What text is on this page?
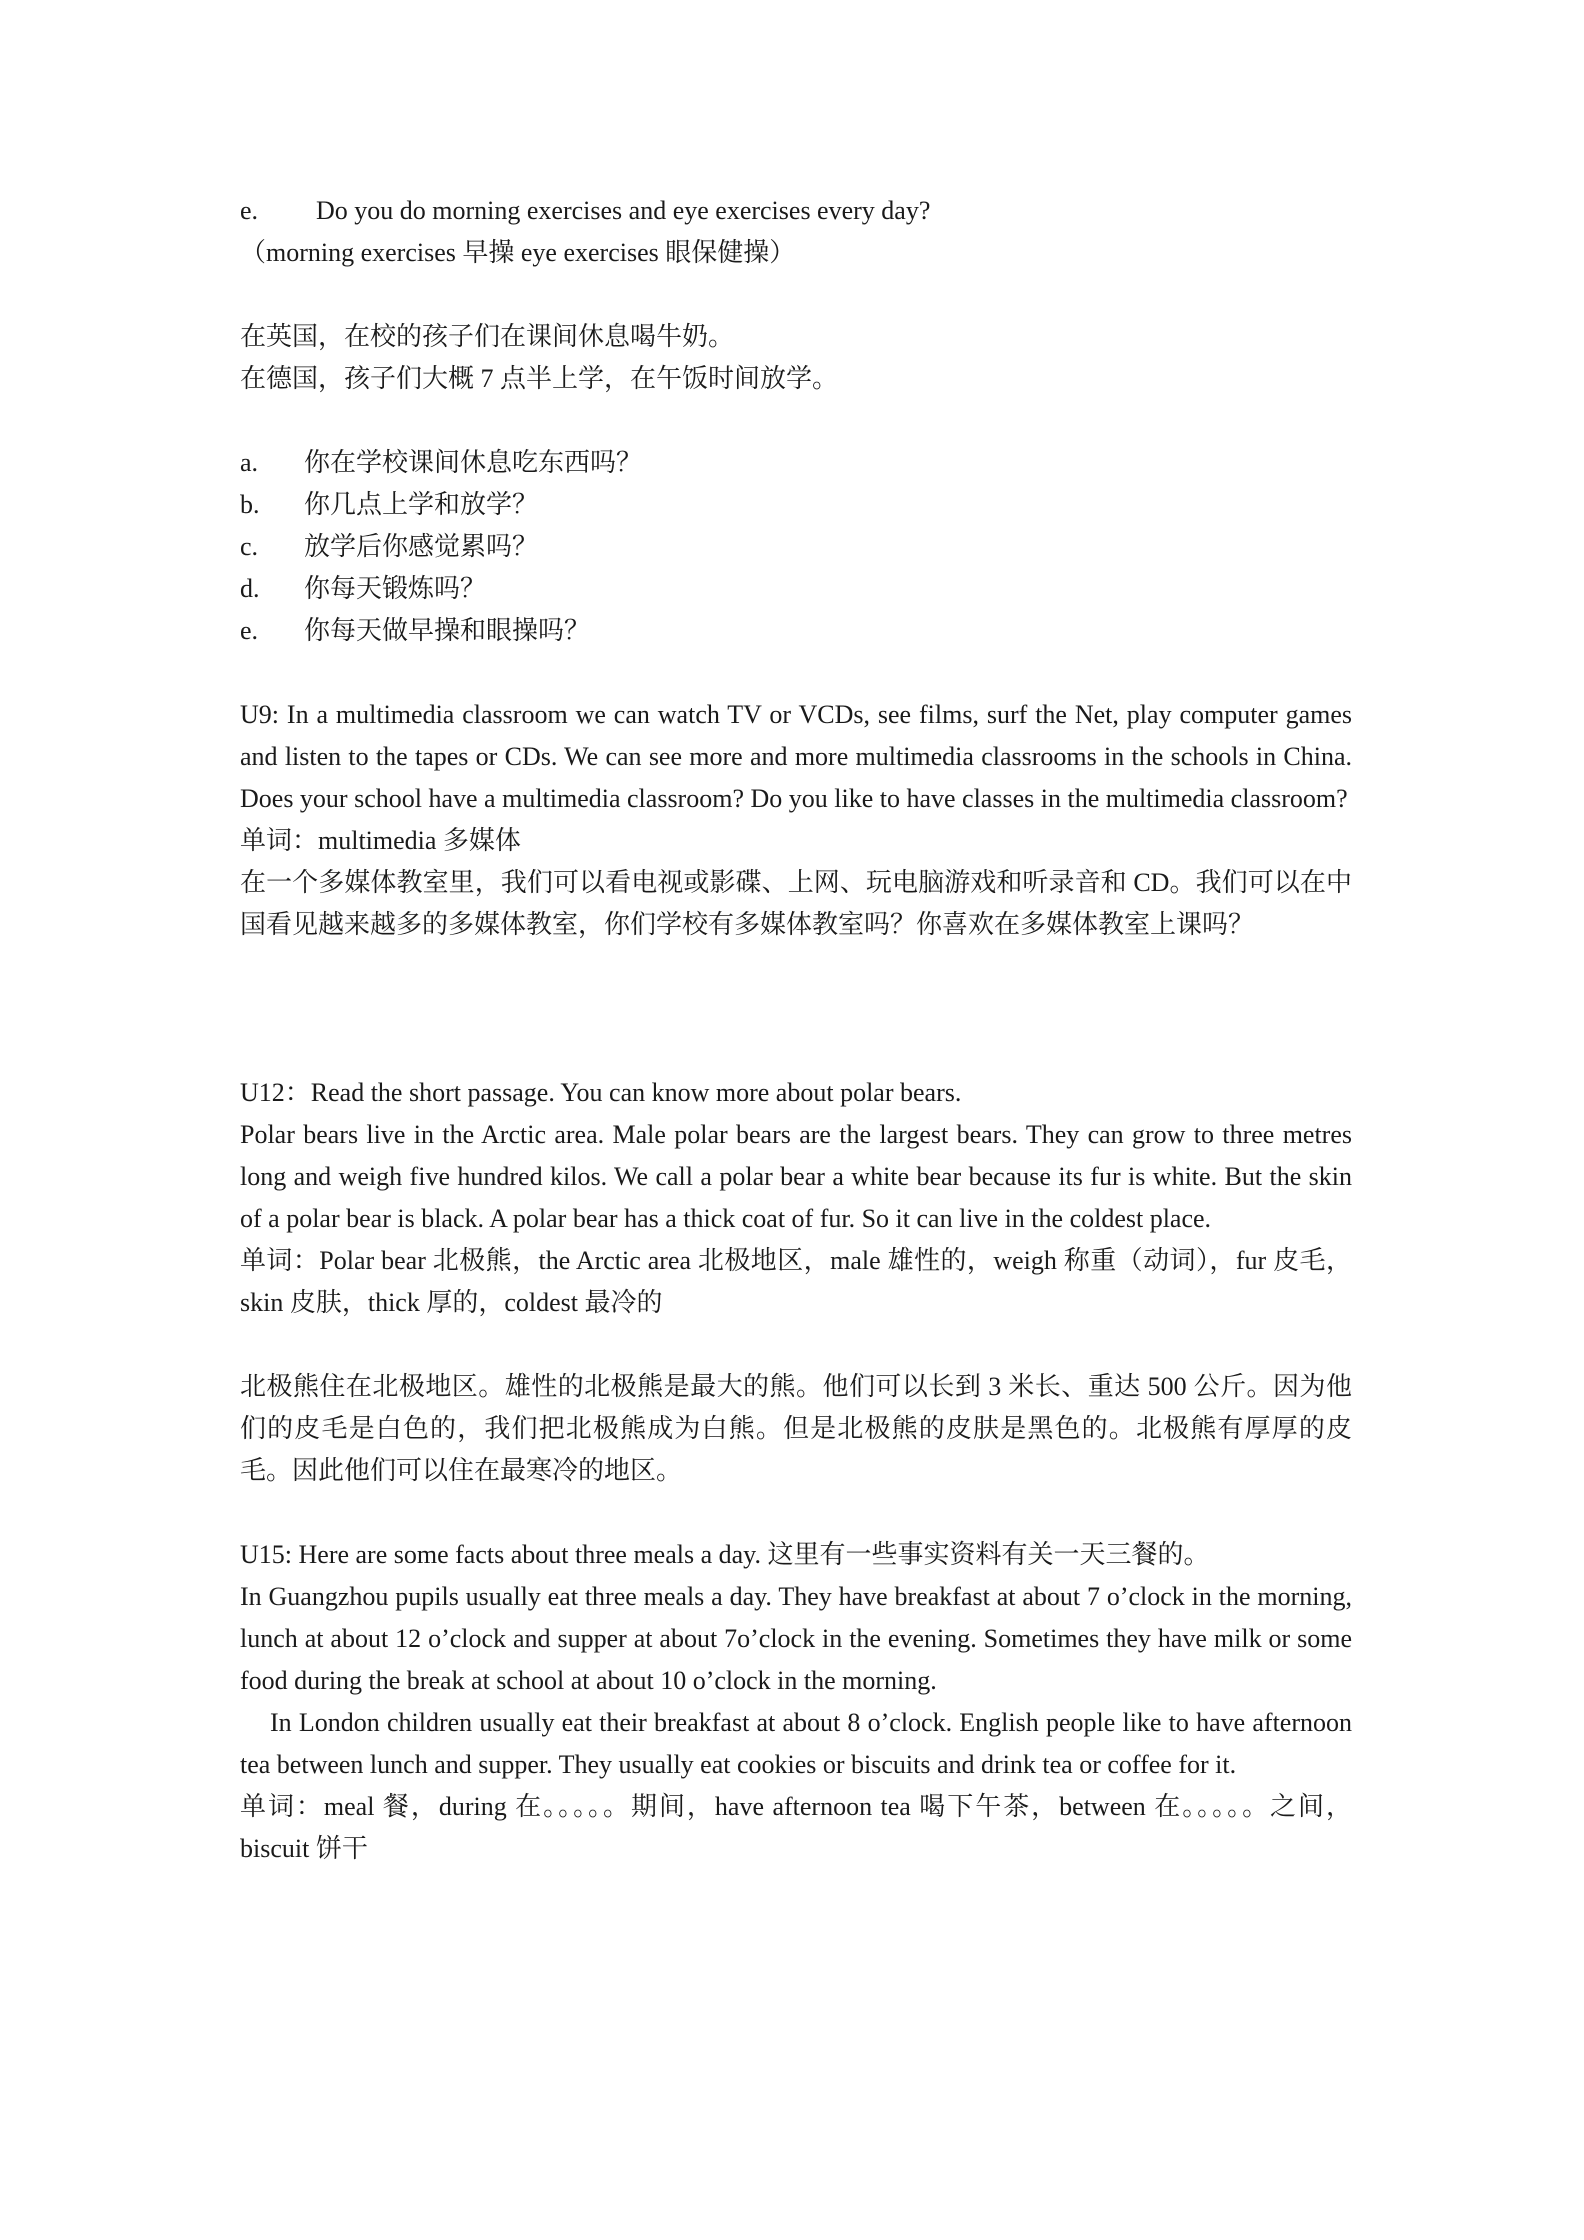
e.	Do you do morning exercises and eye exercises every day?
（morning exercises 早操 eye exercises 眼保健操）
在英国，在校的孩子们在课间休息喝牛奶。
在德国，孩子们大概 7 点半上学，在午饭时间放学。
a.	你在学校课间休息吃东西吗？
b.	你几点上学和放学？
c.	放学后你感觉累吗？
d.	你每天锻炼吗？
e.	你每天做早操和眼操吗？
U9: In a multimedia classroom we can watch TV or VCDs, see films, surf the Net, play computer games and listen to the tapes or CDs. We can see more and more multimedia classrooms in the schools in China. Does your school have a multimedia classroom? Do you like to have classes in the multimedia classroom?
单词：multimedia 多媒体
在一个多媒体教室里，我们可以看电视或影碟、上网、玩电脑游戏和听录音和 CD。我们可以在中国看见越来越多的多媒体教室，你们学校有多媒体教室吗？你喜欢在多媒体教室上课吗？
U12：Read the short passage. You can know more about polar bears.
Polar bears live in the Arctic area. Male polar bears are the largest bears. They can grow to three metres long and weigh five hundred kilos. We call a polar bear a white bear because its fur is white. But the skin of a polar bear is black. A polar bear has a thick coat of fur. So it can live in the coldest place.
单词：Polar bear 北极熊，the Arctic area 北极地区，male 雄性的，weigh 称重（动词），fur 皮毛，skin 皮肤，thick 厚的，coldest 最冷的
北极熊住在北极地区。雄性的北极熊是最大的熊。他们可以长到 3 米长、重达 500 公斤。因为他们的皮毛是白色的，我们把北极熊成为白熊。但是北极熊的皮肤是黑色的。北极熊有厚厚的皮毛。因此他们可以住在最寒冷的地区。
U15: Here are some facts about three meals a day. 这里有一些事实资料有关一天三餐的。
In Guangzhou pupils usually eat three meals a day. They have breakfast at about 7 o’clock in the morning, lunch at about 12 o’clock and supper at about 7o’clock in the evening. Sometimes they have milk or some food during the break at school at about 10 o’clock in the morning.
In London children usually eat their breakfast at about 8 o’clock. English people like to have afternoon tea between lunch and supper. They usually eat cookies or biscuits and drink tea or coffee for it.
单词：meal 餐，during 在。。。。。期间，have afternoon tea 喝下午茶，between 在。。。。。之间，biscuit 饼干
